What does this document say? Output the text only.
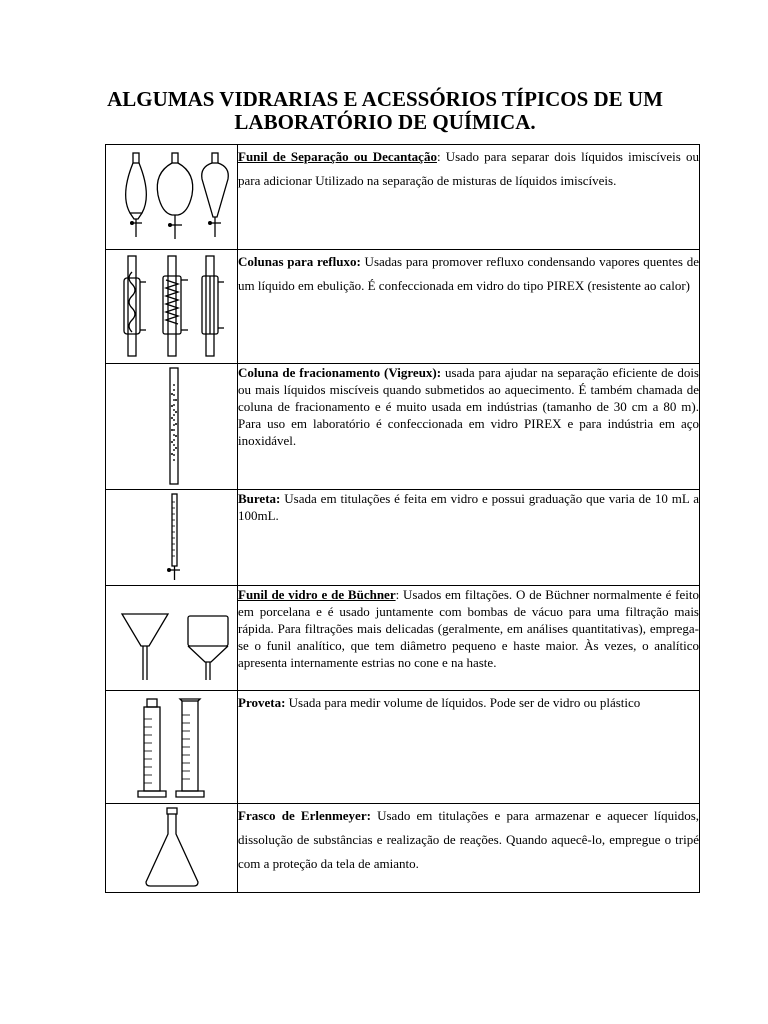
ALGUMAS VIDRARIAS E ACESSÓRIOS TÍPICOS DE UM
LABORATÓRIO DE QUÍMICA.
	Funil de Separação ou Decantação: Usado para separar dois líquidos imiscíveis ou para adicionar Utilizado na separação de misturas de líquidos imiscíveis.

	Colunas para refluxo: Usadas para promover refluxo condensando vapores quentes de um líquido em ebulição. É confeccionada em vidro do tipo PIREX (resistente ao calor)

	Coluna de fracionamento (Vigreux): usada para ajudar na separação eficiente de dois ou mais líquidos miscíveis quando submetidos ao aquecimento. É também chamada de coluna de fracionamento e é muito usada em indústrias (tamanho de 30 cm a 80 m). Para uso em laboratório é confeccionada em vidro PIREX e para indústria em aço inoxidável.

	Bureta: Usada em titulações é feita em vidro e possui graduação que varia de 10 mL a 100mL.

	Funil de vidro e de Büchner: Usados em filtações. O de Büchner normalmente é feito em porcelana e é usado juntamente com bombas de vácuo para uma filtração mais rápida. Para filtrações mais delicadas (geralmente, em análises quantitativas), emprega-se o funil analítico, que tem diâmetro pequeno e haste maior. Às vezes, o analítico apresenta internamente estrias no cone e na haste.

	Proveta: Usada para medir volume de líquidos. Pode ser de vidro ou plástico

	Frasco de Erlenmeyer: Usado em titulações e para armazenar e aquecer líquidos, dissolução de substâncias e realização de reações. Quando aquecê-lo, empregue o tripé com a proteção da tela de amianto.
